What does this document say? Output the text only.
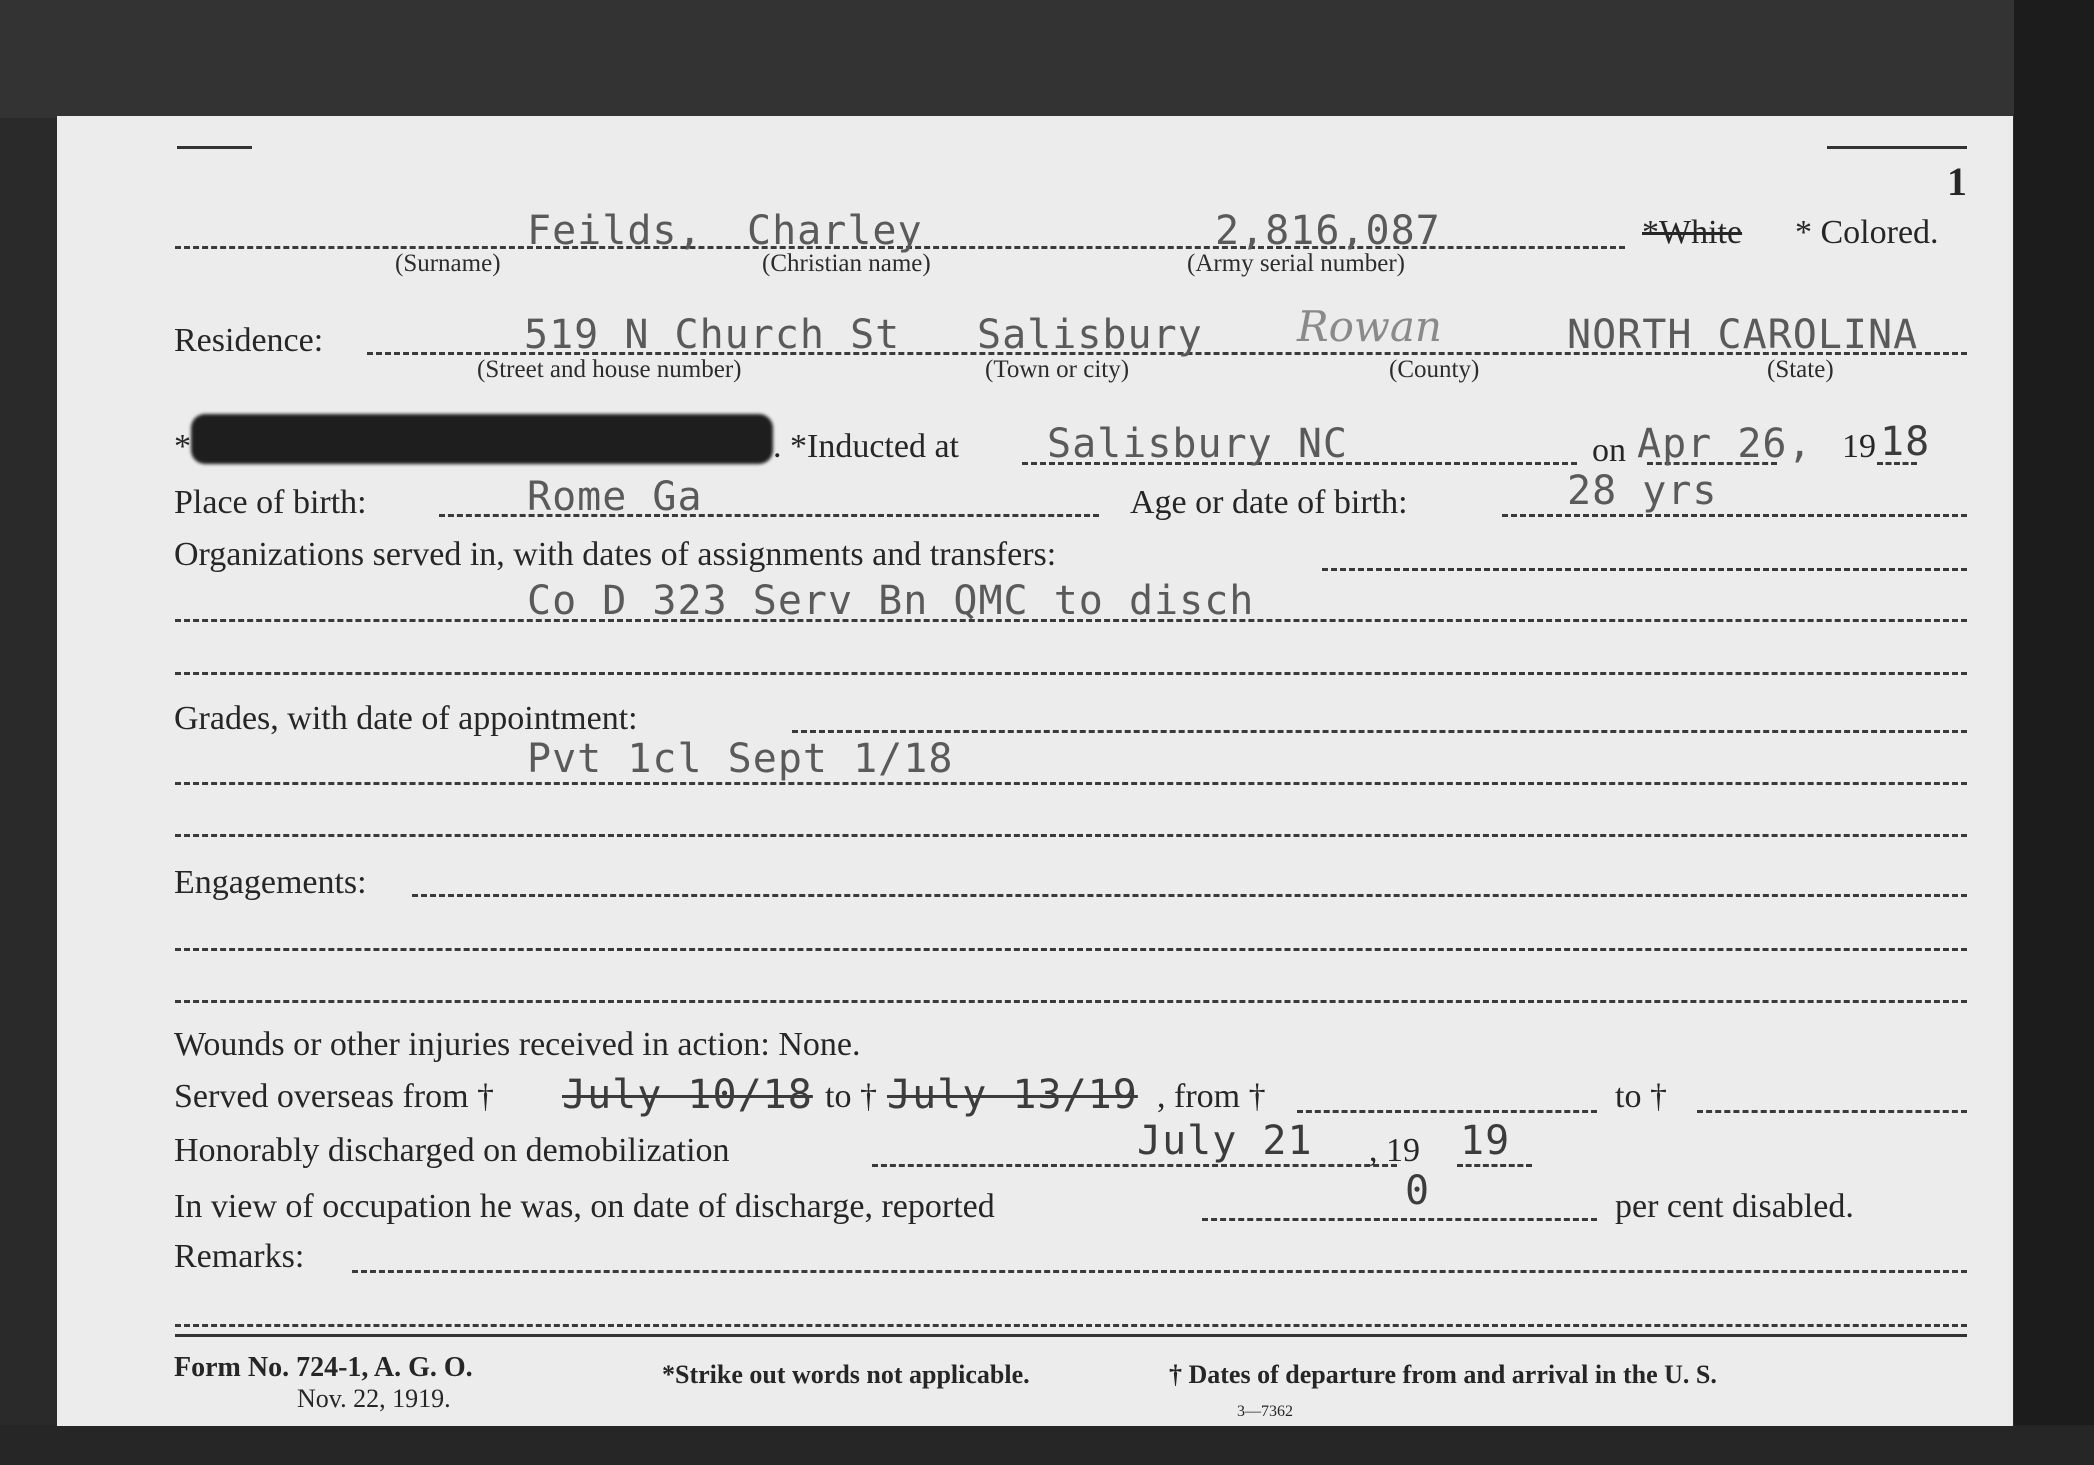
1
Feilds, Charley	2,816,087	*White * Colored.
(Surname)	(Christian name)	(Army serial number)
Residence:	519 N Church St Salisbury Rowan	NORTH CAROLINA
(Street and house number)	(Town or city)	(County)	(State)
*	. *Inducted at Salisbury NC	on Apr 26, 19 18
Place of birth:	Rome Ga	Age or date of birth:	28 yrs
Organizations served in, with dates of assignments and transfers:
Co D 323 Serv Bn QMC to disch
Grades, with date of appointment:
Pvt 1cl Sept 1/18
Engagements:
Wounds or other injuries received in action: None.
Served overseas from † July 10/18 to † July 13/19 , from †	to †
Honorably discharged on demobilization	July 21 , 19 19
In view of occupation he was, on date of discharge, reported	0	per cent disabled.
Remarks:
Form No. 724-1, A. G. O.
Nov. 22, 1919.
*Strike out words not applicable.	† Dates of departure from and arrival in the U. S.
3—7362
